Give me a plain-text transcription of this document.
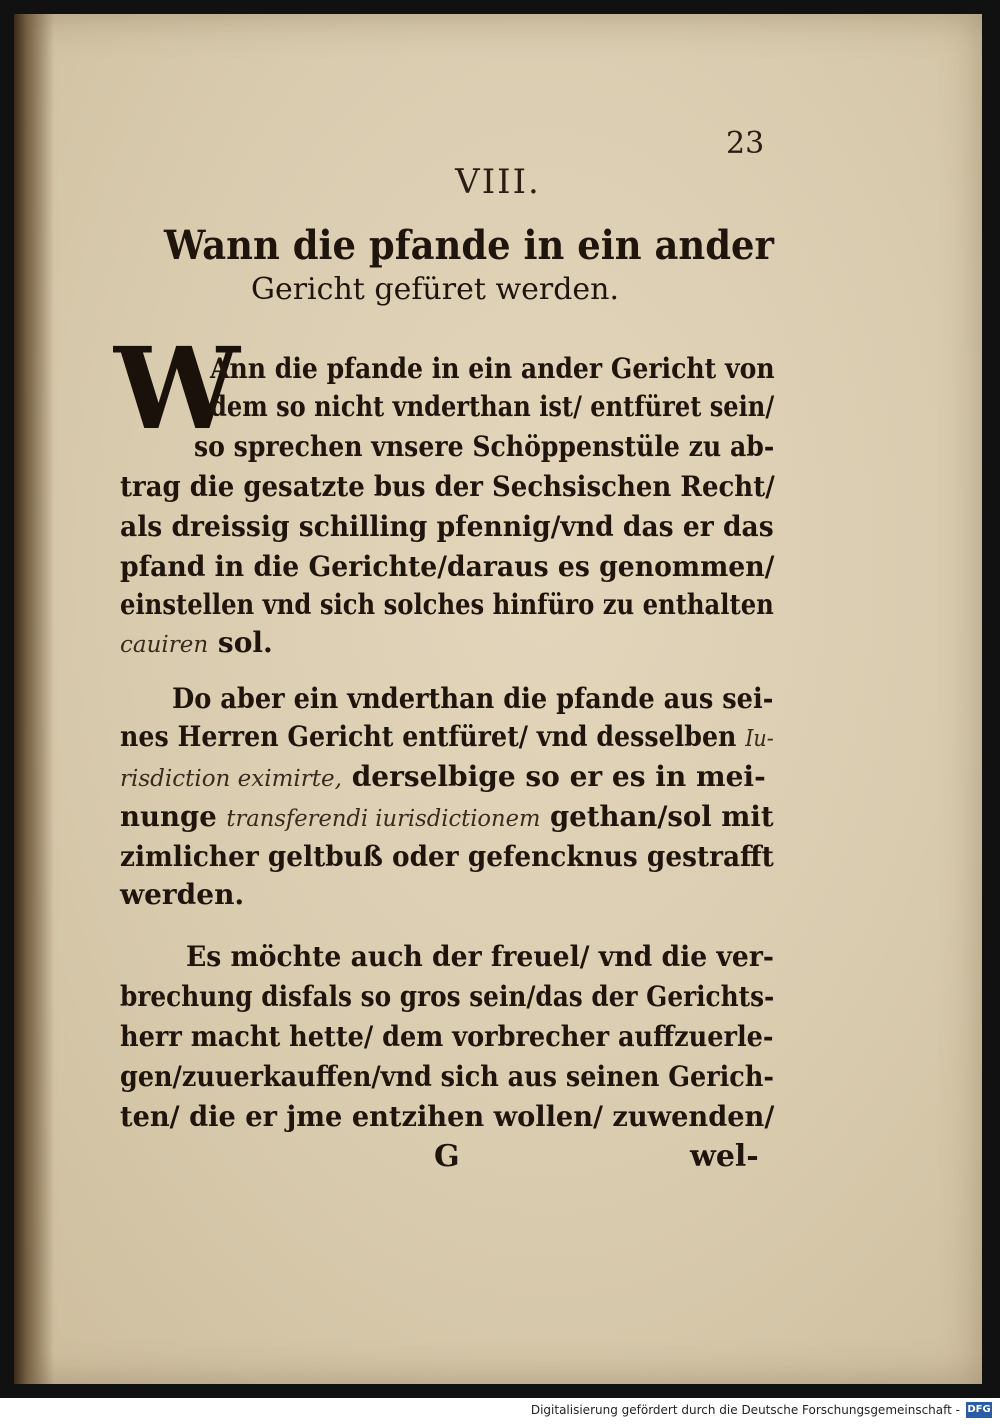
23
VIII.
Wann die pfande in ein ander
Gericht gefüret werden.
W
Ann die pfande in ein ander Gericht von
dem so nicht vnderthan ist/ entfüret sein/
so sprechen vnsere Schöppenstüle zu ab-
trag die gesatzte bus der Sechsischen Recht/
als dreissig schilling pfennig/vnd das er das
pfand in die Gerichte/daraus es genommen/
einstellen vnd sich solches hinfüro zu enthalten
cauiren sol.
Do aber ein vnderthan die pfande aus sei-
nes Herren Gericht entfüret/ vnd desselben Iu-
risdiction eximirte, derselbige so er es in mei-
nunge transferendi iurisdictionem gethan/sol mit
zimlicher geltbuß oder gefencknus gestrafft
werden.
Es möchte auch der freuel/ vnd die ver-
brechung disfals so gros sein/das der Gerichts-
herr macht hette/ dem vorbrecher auffzuerle-
gen/zuuerkauffen/vnd sich aus seinen Gerich-
ten/ die er jme entzihen wollen/ zuwenden/
G	wel-
Digitalisierung gefördert durch die Deutsche Forschungsgemeinschaft - DFG
